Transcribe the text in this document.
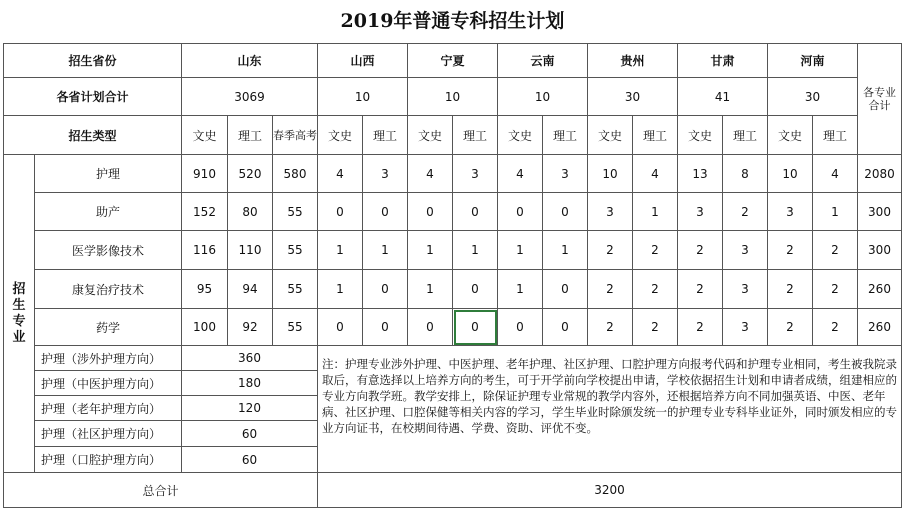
2019年普通专科招生计划
招生省份		山东			山西		宁夏		云南		贵州		甘肃		河南		各专业合计
各省计划合计		3069			10		10		10		30		41		30		
招生类型		文史	理工	春季高考	文史	理工	文史	理工	文史	理工	文史	理工	文史	理工	文史	理工	

招
生
专
业	护理	910	520	580	4	3	4	3	4	3	10	4	13	8	10	4	2080
	助产	152	80	55	0	0	0	0	0	0	3	1	3	2	3	1	300
	医学影像技术	116	110	55	1	1	1	1	1	1	2	2	2	3	2	2	300
	康复治疗技术	95	94	55	1	0	1	0	1	0	2	2	2	3	2	2	260
	药学	100	92	55	0	0	0	0	0	0	2	2	2	3	2	2	260
	护理（涉外护理方向）	360			注：护理专业涉外护理、中医护理、老年护理、社区护理、口腔护理方向报考代码和护理专业相同，考生被我院录取后，有意选择以上培养方向的考生，可于开学前向学校提出申请，学校依据招生计划和申请者成绩，组建相应的专业方向教学班。教学安排上，除保证护理专业常规的教学内容外，还根据培养方向不同加强英语、中医、老年病、社区护理、口腔保健等相关内容的学习，学生毕业时除颁发统一的护理专业专科毕业证外，同时颁发相应的专业方向证书，在校期间待遇、学费、资助、评优不变。												
	护理（中医护理方向）	180															
	护理（老年护理方向）	120															
	护理（社区护理方向）	60															
	护理（口腔护理方向）	60															
总合计					3200												
